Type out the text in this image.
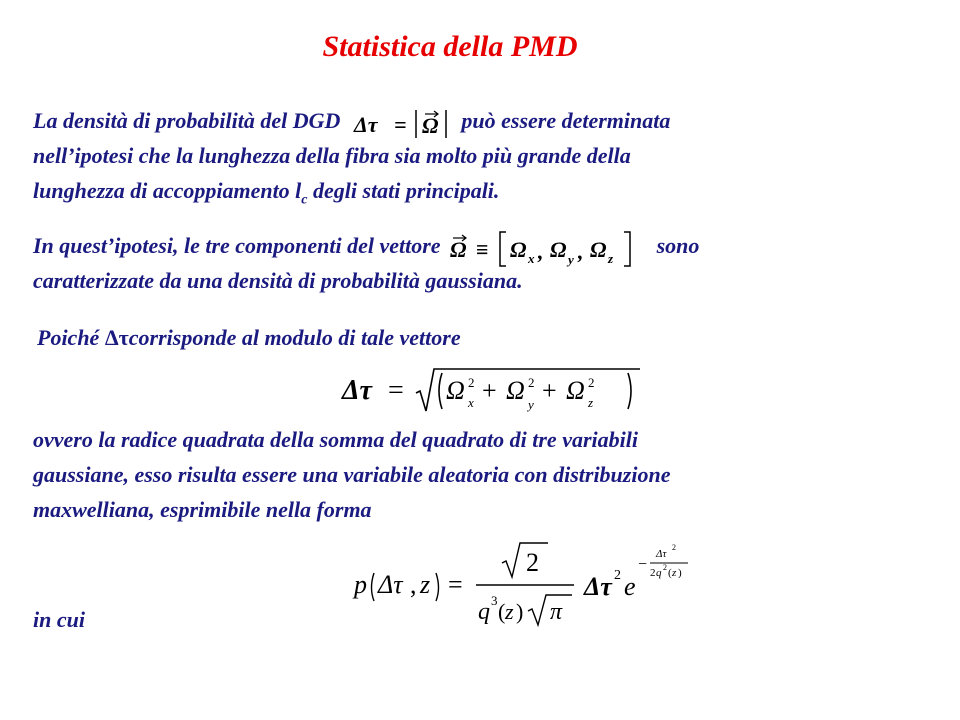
Statistica della PMD

La densità di probabilità del DGD Δτ = Ω può essere determinata
nell’ipotesi che la lunghezza della fibra sia molto più grande della
lunghezza di accoppiamento $l_c$ degli stati principali.

In quest’ipotesi, le tre componenti del vettore Ω ≡ Ω x , Ω y , Ω z
sono
caratterizzate da una densità di probabilità gaussiana.

Poiché Δτcorrisponde al modulo di tale vettore

Δτ = Ω 2
x + Ω 2
y + Ω 2
z

ovvero la radice quadrata della somma del quadrato di tre variabili
gaussiane, esso risulta essere una variabile aleatoria con distribuzione
maxwelliana, esprimibile nella forma

p Δτ , z =
2
q 3 ( z ) π
Δτ 2 e
−
Δτ
2
2 q 2 ( z )

in cui
